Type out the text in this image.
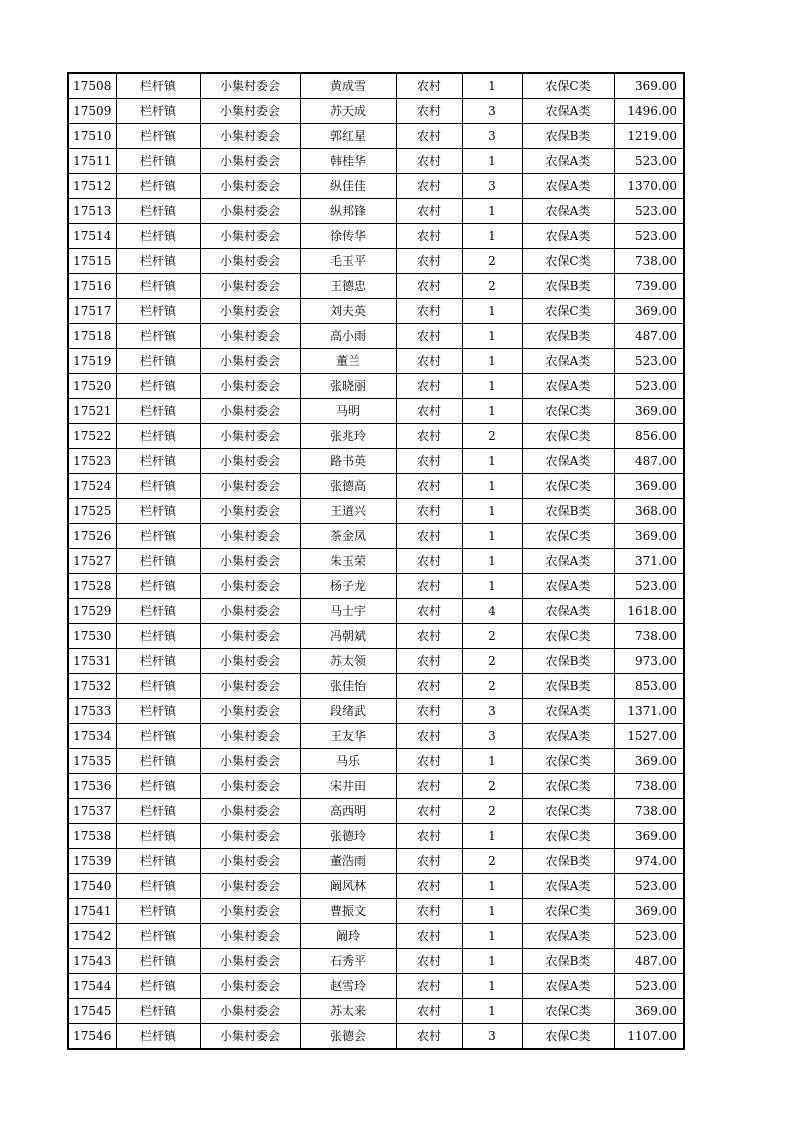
17508	栏杆镇	小集村委会	黄成雪	农村	1	农保C类	369.00
17509	栏杆镇	小集村委会	苏天成	农村	3	农保A类	1496.00
17510	栏杆镇	小集村委会	郭红星	农村	3	农保B类	1219.00
17511	栏杆镇	小集村委会	韩桂华	农村	1	农保A类	523.00
17512	栏杆镇	小集村委会	纵佳佳	农村	3	农保A类	1370.00
17513	栏杆镇	小集村委会	纵邦锋	农村	1	农保A类	523.00
17514	栏杆镇	小集村委会	徐传华	农村	1	农保A类	523.00
17515	栏杆镇	小集村委会	毛玉平	农村	2	农保C类	738.00
17516	栏杆镇	小集村委会	王德忠	农村	2	农保B类	739.00
17517	栏杆镇	小集村委会	刘夫英	农村	1	农保C类	369.00
17518	栏杆镇	小集村委会	高小雨	农村	1	农保B类	487.00
17519	栏杆镇	小集村委会	董兰	农村	1	农保A类	523.00
17520	栏杆镇	小集村委会	张晓丽	农村	1	农保A类	523.00
17521	栏杆镇	小集村委会	马明	农村	1	农保C类	369.00
17522	栏杆镇	小集村委会	张兆玲	农村	2	农保C类	856.00
17523	栏杆镇	小集村委会	路书英	农村	1	农保A类	487.00
17524	栏杆镇	小集村委会	张德高	农村	1	农保C类	369.00
17525	栏杆镇	小集村委会	王道兴	农村	1	农保B类	368.00
17526	栏杆镇	小集村委会	茶金凤	农村	1	农保C类	369.00
17527	栏杆镇	小集村委会	朱玉荣	农村	1	农保A类	371.00
17528	栏杆镇	小集村委会	杨子龙	农村	1	农保A类	523.00
17529	栏杆镇	小集村委会	马士宇	农村	4	农保A类	1618.00
17530	栏杆镇	小集村委会	冯朝斌	农村	2	农保C类	738.00
17531	栏杆镇	小集村委会	苏太领	农村	2	农保B类	973.00
17532	栏杆镇	小集村委会	张佳怡	农村	2	农保B类	853.00
17533	栏杆镇	小集村委会	段绪武	农村	3	农保A类	1371.00
17534	栏杆镇	小集村委会	王友华	农村	3	农保A类	1527.00
17535	栏杆镇	小集村委会	马乐	农村	1	农保C类	369.00
17536	栏杆镇	小集村委会	宋井田	农村	2	农保C类	738.00
17537	栏杆镇	小集村委会	高西明	农村	2	农保C类	738.00
17538	栏杆镇	小集村委会	张德玲	农村	1	农保C类	369.00
17539	栏杆镇	小集村委会	董浩雨	农村	2	农保B类	974.00
17540	栏杆镇	小集村委会	阚风林	农村	1	农保A类	523.00
17541	栏杆镇	小集村委会	曹振文	农村	1	农保C类	369.00
17542	栏杆镇	小集村委会	阚玲	农村	1	农保A类	523.00
17543	栏杆镇	小集村委会	石秀平	农村	1	农保B类	487.00
17544	栏杆镇	小集村委会	赵雪玲	农村	1	农保A类	523.00
17545	栏杆镇	小集村委会	苏太来	农村	1	农保C类	369.00
17546	栏杆镇	小集村委会	张德会	农村	3	农保C类	1107.00
